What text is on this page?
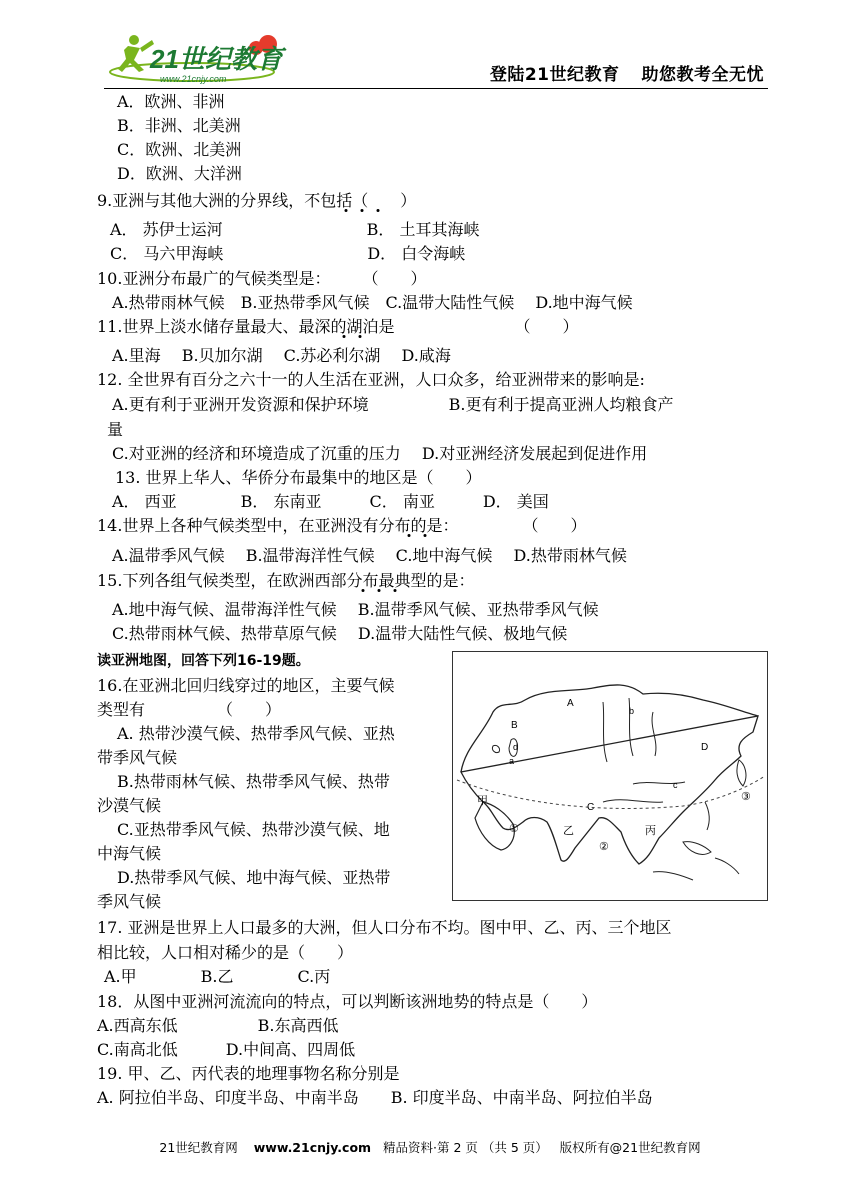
21世纪教育
www.21cnjy.com	登陆21世纪教育 助您教考全无忧
A．欧洲、非洲
B．非洲、北美洲
C．欧洲、北美洲
D．欧洲、大洋洲
9.亚洲与其他大洲的分界线，不包括（　　）
A． 苏伊士运河　　　　　　　　　B． 土耳其海峡
C． 马六甲海峡　　　　　　　　　D． 白令海峡
10.亚洲分布最广的气候类型是：　　　（　　）
A.热带雨林气候　B.亚热带季风气候　C.温带大陆性气候　 D.地中海气候
11.世界上淡水储存量最大、最深的湖泊是　　　　　　　　（　　）
A.里海　 B.贝加尔湖　 C.苏必利尔湖　 D.咸海
12. 全世界有百分之六十一的人生活在亚洲，人口众多，给亚洲带来的影响是:
A.更有利于亚洲开发资源和保护环境　　　　　B.更有利于提高亚洲人均粮食产
量
C.对亚洲的经济和环境造成了沉重的压力　 D.对亚洲经济发展起到促进作用
13. 世界上华人、华侨分布最集中的地区是（　　）
A． 西亚　　　　B． 东南亚　　　C． 南亚　　　D． 美国
14.世界上各种气候类型中，在亚洲没有分布的是：　　　　　（　　）
A.温带季风气候　 B.温带海洋性气候　 C.地中海气候　 D.热带雨林气候
15.下列各组气候类型，在欧洲西部分布最典型的是：
A.地中海气候、温带海洋性气候　 B.温带季风气候、亚热带季风气候
C.热带雨林气候、热带草原气候　 D.温带大陆性气候、极地气候
读亚洲地图，回答下列16-19题。
16.在亚洲北回归线穿过的地区，主要气候
类型有　　　　　（　　）
A. 热带沙漠气候、热带季风气候、亚热
带季风气候
B.热带雨林气候、热带季风气候、热带
沙漠气候
C.亚热带季风气候、热带沙漠气候、地
中海气候
D.热带季风气候、地中海气候、亚热带
季风气候
17. 亚洲是世界上人口最多的大洲，但人口分布不均。图中甲、乙、丙、三个地区
相比较，人口相对稀少的是（　　）
A.甲　　　　B.乙　　　　C.丙
18．从图中亚洲河流流向的特点，可以判断该洲地势的特点是（　　）
A.西高东低　　　　　B.东高西低
C.南高北低　　　D.中间高、四周低
19. 甲、乙、丙代表的地理事物名称分别是
A. 阿拉伯半岛、印度半岛、中南半岛　　B. 印度半岛、中南半岛、阿拉伯半岛
A
B
C
D
a
b
c
d
甲
乙	丙
①
②
③
21世纪教育网 www.21cnjy.com 精品资料·第 2 页 （共 5 页） 版权所有@21世纪教育网
